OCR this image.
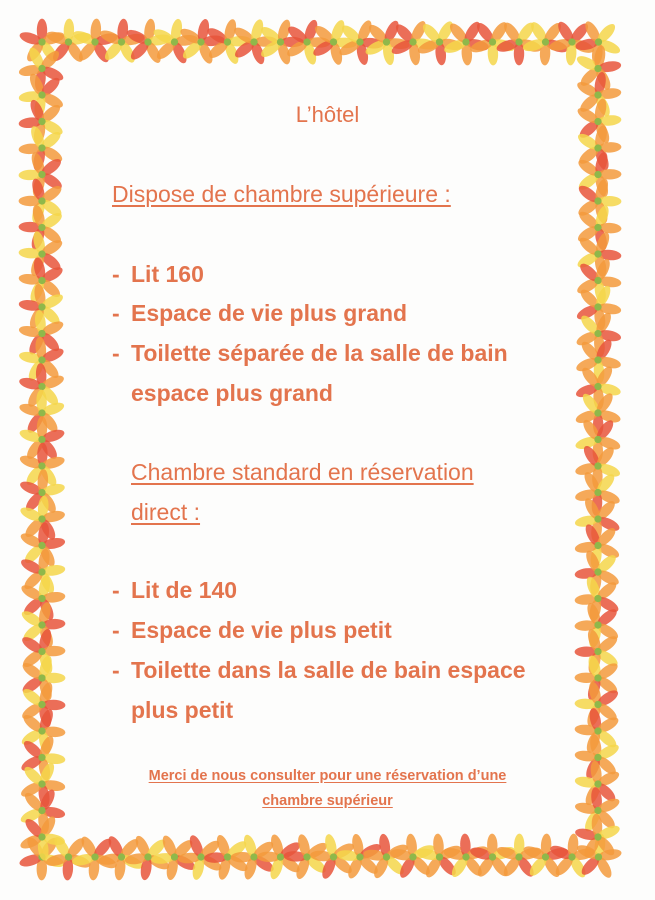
L’hôtel
Dispose de chambre supérieure :
- Lit 160
- Espace de vie plus grand
- Toilette séparée de la salle de bain
espace plus grand
Chambre standard en réservation
direct :
- Lit de 140
- Espace de vie plus petit
- Toilette dans la salle de bain espace
plus petit
Merci de nous consulter pour une réservation d’une
chambre supérieur
